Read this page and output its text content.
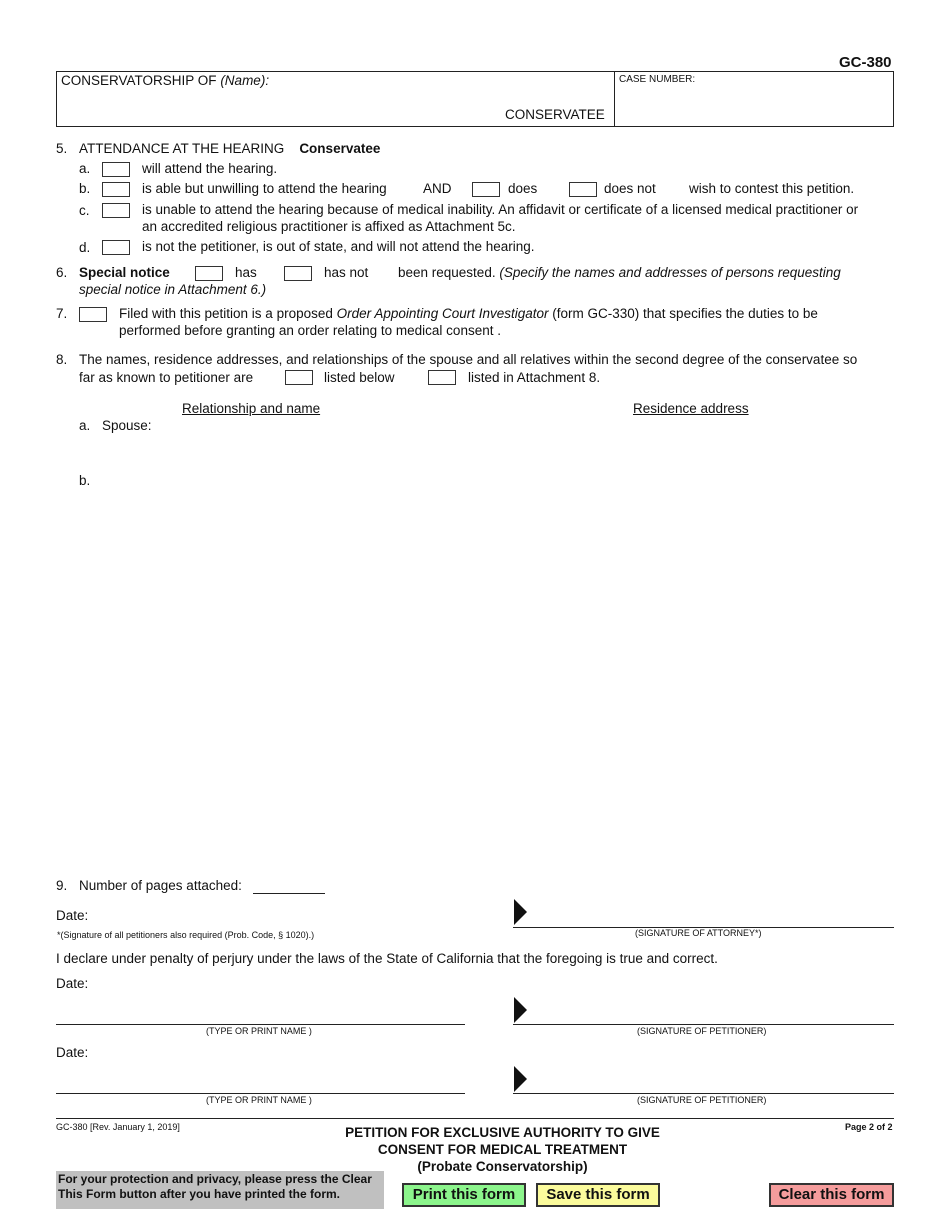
GC-380
CONSERVATORSHIP OF (Name):
CONSERVATEE
CASE NUMBER:
5. ATTENDANCE AT THE HEARING Conservatee
a.	will attend the hearing.
b.	is able but unwilling to attend the hearing	AND	does	does not wish to contest this petition.
c.	is unable to attend the hearing because of medical inability. An affidavit or certificate of a licensed medical practitioner or
an accredited religious practitioner is affixed as Attachment 5c.
d.	is not the petitioner, is out of state, and will not attend the hearing.
6. Special notice	has	has not been requested. (Specify the names and addresses of persons requesting
special notice in Attachment 6.)
7.	Filed with this petition is a proposed Order Appointing Court Investigator (form GC-330) that specifies the duties to be
performed before granting an order relating to medical consent .
8. The names, residence addresses, and relationships of the spouse and all relatives within the second degree of the conservatee so
far as known to petitioner are	listed below	listed in Attachment 8.
Relationship and name	Residence address
a. Spouse:
b.
9. Number of pages attached:
Date:
*(Signature of all petitioners also required (Prob. Code, § 1020).)	(SIGNATURE OF ATTORNEY*)
I declare under penalty of perjury under the laws of the State of California that the foregoing is true and correct.
Date:
(TYPE OR PRINT NAME )	(SIGNATURE OF PETITIONER)
Date:
(TYPE OR PRINT NAME )	(SIGNATURE OF PETITIONER)
GC-380 [Rev. January 1, 2019]	PETITION FOR EXCLUSIVE AUTHORITY TO GIVE
CONSENT FOR MEDICAL TREATMENT
(Probate Conservatorship)
Page 2 of 2
For your protection and privacy, please press the Clear This Form button after you have printed the form.	Print this form	Save this form	Clear this form
